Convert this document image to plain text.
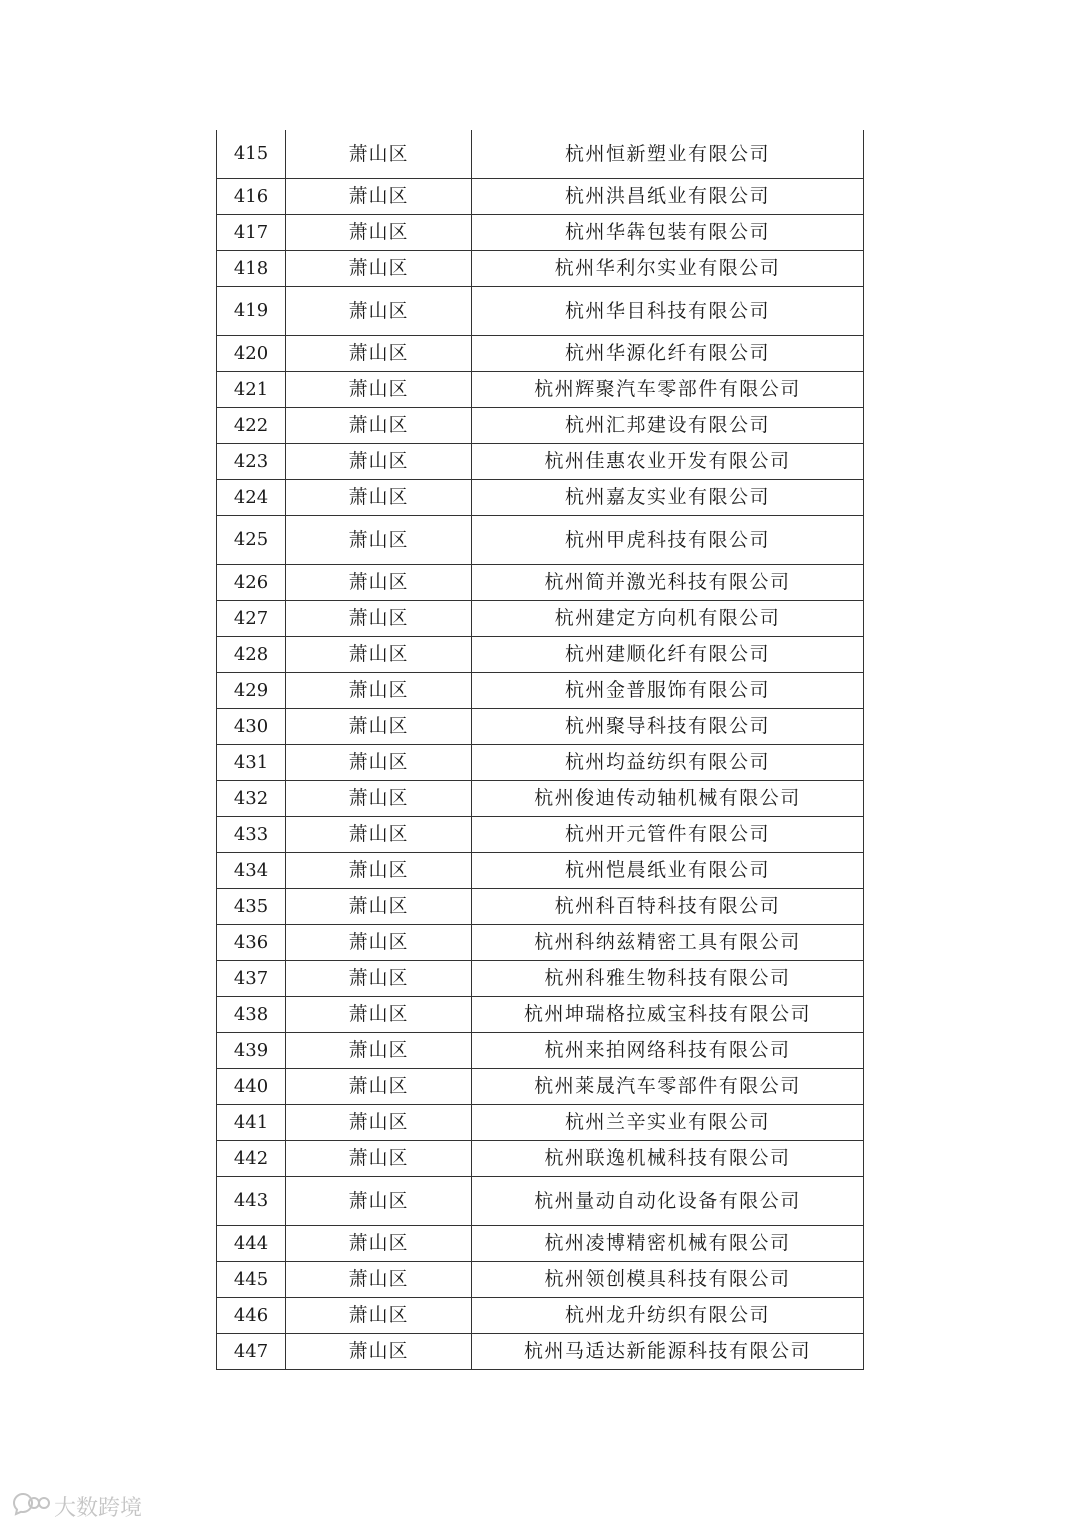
415	萧山区	杭州恒新塑业有限公司
416	萧山区	杭州洪昌纸业有限公司
417	萧山区	杭州华犇包装有限公司
418	萧山区	杭州华利尔实业有限公司
419	萧山区	杭州华目科技有限公司
420	萧山区	杭州华源化纤有限公司
421	萧山区	杭州辉聚汽车零部件有限公司
422	萧山区	杭州汇邦建设有限公司
423	萧山区	杭州佳惠农业开发有限公司
424	萧山区	杭州嘉友实业有限公司
425	萧山区	杭州甲虎科技有限公司
426	萧山区	杭州简并激光科技有限公司
427	萧山区	杭州建定方向机有限公司
428	萧山区	杭州建顺化纤有限公司
429	萧山区	杭州金普服饰有限公司
430	萧山区	杭州聚导科技有限公司
431	萧山区	杭州均益纺织有限公司
432	萧山区	杭州俊迪传动轴机械有限公司
433	萧山区	杭州开元管件有限公司
434	萧山区	杭州恺晨纸业有限公司
435	萧山区	杭州科百特科技有限公司
436	萧山区	杭州科纳兹精密工具有限公司
437	萧山区	杭州科雅生物科技有限公司
438	萧山区	杭州坤瑞格拉威宝科技有限公司
439	萧山区	杭州来拍网络科技有限公司
440	萧山区	杭州莱晟汽车零部件有限公司
441	萧山区	杭州兰辛实业有限公司
442	萧山区	杭州联逸机械科技有限公司
443	萧山区	杭州量动自动化设备有限公司
444	萧山区	杭州凌博精密机械有限公司
445	萧山区	杭州领创模具科技有限公司
446	萧山区	杭州龙升纺织有限公司
447	萧山区	杭州马适达新能源科技有限公司
大数跨境
